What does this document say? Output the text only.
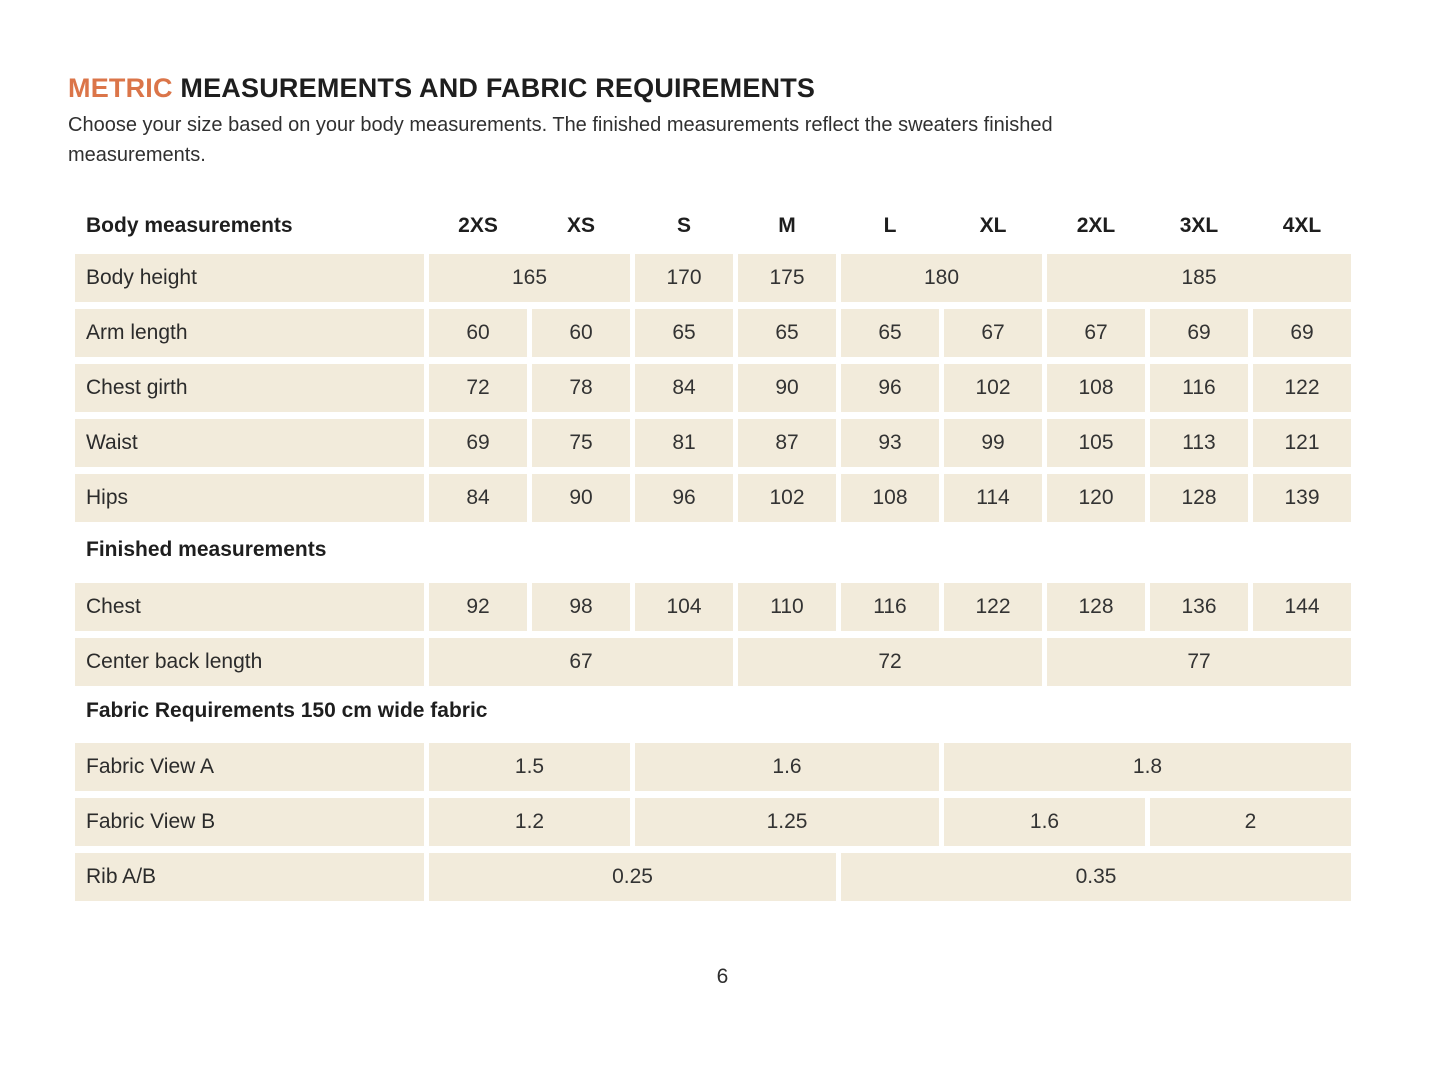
METRIC MEASUREMENTS AND FABRIC REQUIREMENTS

Choose your size based on your body measurements. The finished measurements reflect the sweaters finished
measurements.

Body measurements	2XS	XS	S	M	L	XL	2XL	3XL	4XL
Body height	165	170	175	180	185
Arm length	60	60	65	65	65	67	67	69	69
Chest girth	72	78	84	90	96	102	108	116	122
Waist	69	75	81	87	93	99	105	113	121
Hips	84	90	96	102	108	114	120	128	139
Finished measurements
Chest	92	98	104	110	116	122	128	136	144
Center back length	67	72	77
Fabric Requirements 150 cm wide fabric
Fabric View A	1.5	1.6	1.8
Fabric View B	1.2	1.25	1.6	2
Rib A/B	0.25	0.35
6
